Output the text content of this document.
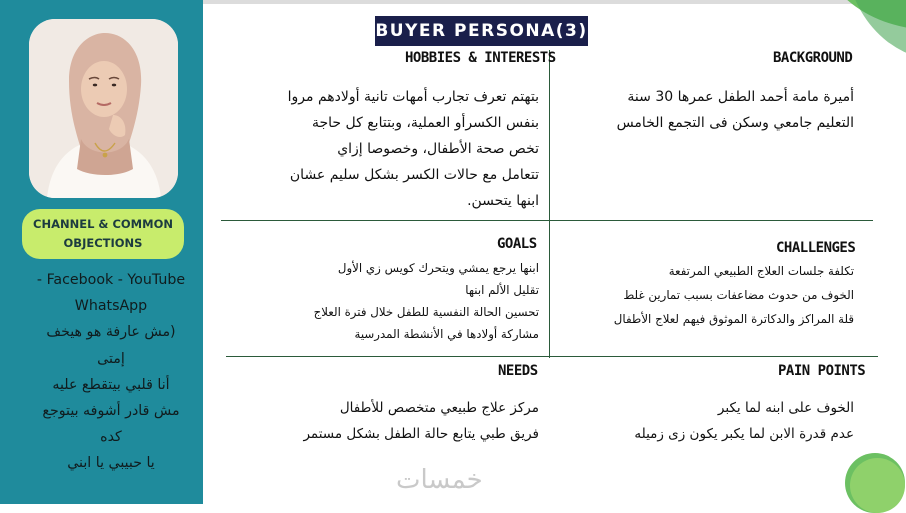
CHANNEL & COMMON OBJECTIONS
Facebook - YouTube -
WhatsApp
(مش عارفة هو هيخف
إمتى
أنا قلبي بيتقطع عليه
مش قادر أشوفه بيتوجع
كده
يا حبيبي يا ابني
BUYER PERSONA(3)
HOBBIES & INTERESTS
بتهتم تعرف تجارب أمهات تانية أولادهم مروا
بنفس الكسرأو العملية، وبتتابع كل حاجة
تخص صحة الأطفال، وخصوصا إزاي
تتعامل مع حالات الكسر بشكل سليم عشان
ابنها يتحسن.
BACKGROUND
أميرة مامة أحمد الطفل عمرها 30 سنة
التعليم جامعي وسكن فى التجمع الخامس
GOALS
ابنها يرجع يمشي ويتحرك كويس زي الأول
تقليل الألم ابنها
تحسين الحالة النفسية للطفل خلال فترة العلاج
مشاركة أولادها في الأنشطة المدرسية
CHALLENGES
تكلفة جلسات العلاج الطبيعي المرتفعة
الخوف من حدوث مضاعفات بسبب تمارين غلط
قلة المراكز والدكاترة الموثوق فيهم لعلاج الأطفال
NEEDS
مركز علاج طبيعي متخصص للأطفال
فريق طبي يتابع حالة الطفل بشكل مستمر
PAIN POINTS
الخوف على ابنه لما يكبر
عدم قدرة الابن لما يكبر يكون زى زميله
خمسات
